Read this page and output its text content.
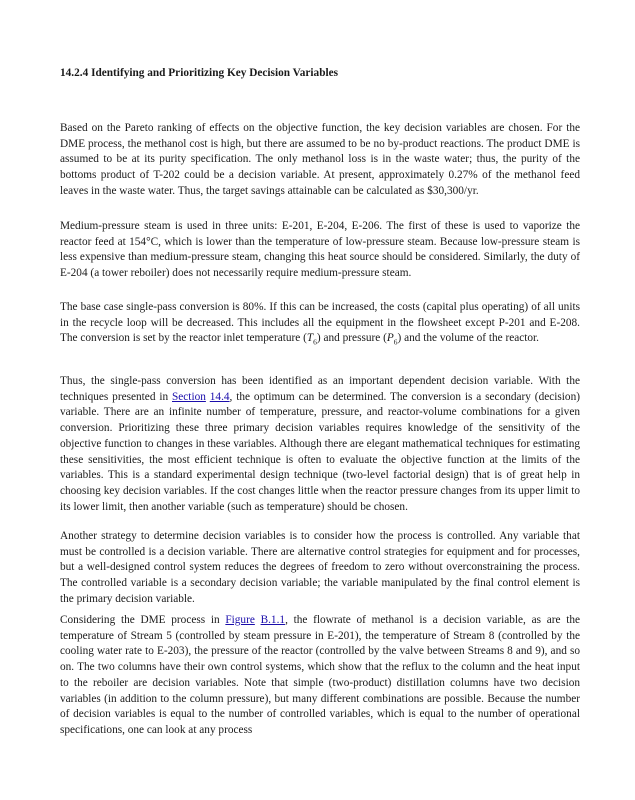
14.2.4 Identifying and Prioritizing Key Decision Variables

Based on the Pareto ranking of effects on the objective function, the key decision variables are chosen. For the DME process, the methanol cost is high, but there are assumed to be no by-product reactions. The product DME is assumed to be at its purity specification. The only methanol loss is in the waste water; thus, the purity of the bottoms product of T-202 could be a decision variable. At present, approximately 0.27% of the methanol feed leaves in the waste water. Thus, the target savings attainable can be calculated as $30,300/yr.

Medium-pressure steam is used in three units: E-201, E-204, E-206. The first of these is used to vaporize the reactor feed at 154°C, which is lower than the temperature of low-pressure steam. Because low-pressure steam is less expensive than medium-pressure steam, changing this heat source should be considered. Similarly, the duty of E-204 (a tower reboiler) does not necessarily require medium-pressure steam.

The base case single-pass conversion is 80%. If this can be increased, the costs (capital plus operating) of all units in the recycle loop will be decreased. This includes all the equipment in the flowsheet except P-201 and E-208. The conversion is set by the reactor inlet temperature $(T_6)$ and pressure $(P_6)$ and the volume of the reactor.

Thus, the single-pass conversion has been identified as an important dependent decision variable. With the techniques presented in Section 14.4, the optimum can be determined. The conversion is a secondary (decision) variable. There are an infinite number of temperature, pressure, and reactor-volume combinations for a given conversion. Prioritizing these three primary decision variables requires knowledge of the sensitivity of the objective function to changes in these variables. Although there are elegant mathematical techniques for estimating these sensitivities, the most efficient technique is often to evaluate the objective function at the limits of the variables. This is a standard experimental design technique (two-level factorial design) that is of great help in choosing key decision variables. If the cost changes little when the reactor pressure changes from its upper limit to its lower limit, then another variable (such as temperature) should be chosen.

Another strategy to determine decision variables is to consider how the process is controlled. Any variable that must be controlled is a decision variable. There are alternative control strategies for equipment and for processes, but a well-designed control system reduces the degrees of freedom to zero without overconstraining the process. The controlled variable is a secondary decision variable; the variable manipulated by the final control element is the primary decision variable.

Considering the DME process in Figure B.1.1, the flowrate of methanol is a decision variable, as are the temperature of Stream 5 (controlled by steam pressure in E-201), the temperature of Stream 8 (controlled by the cooling water rate to E-203), the pressure of the reactor (controlled by the valve between Streams 8 and 9), and so on. The two columns have their own control systems, which show that the reflux to the column and the heat input to the reboiler are decision variables. Note that simple (two-product) distillation columns have two decision variables (in addition to the column pressure), but many different combinations are possible. Because the number of decision variables is equal to the number of controlled variables, which is equal to the number of operational specifications, one can look at any process
